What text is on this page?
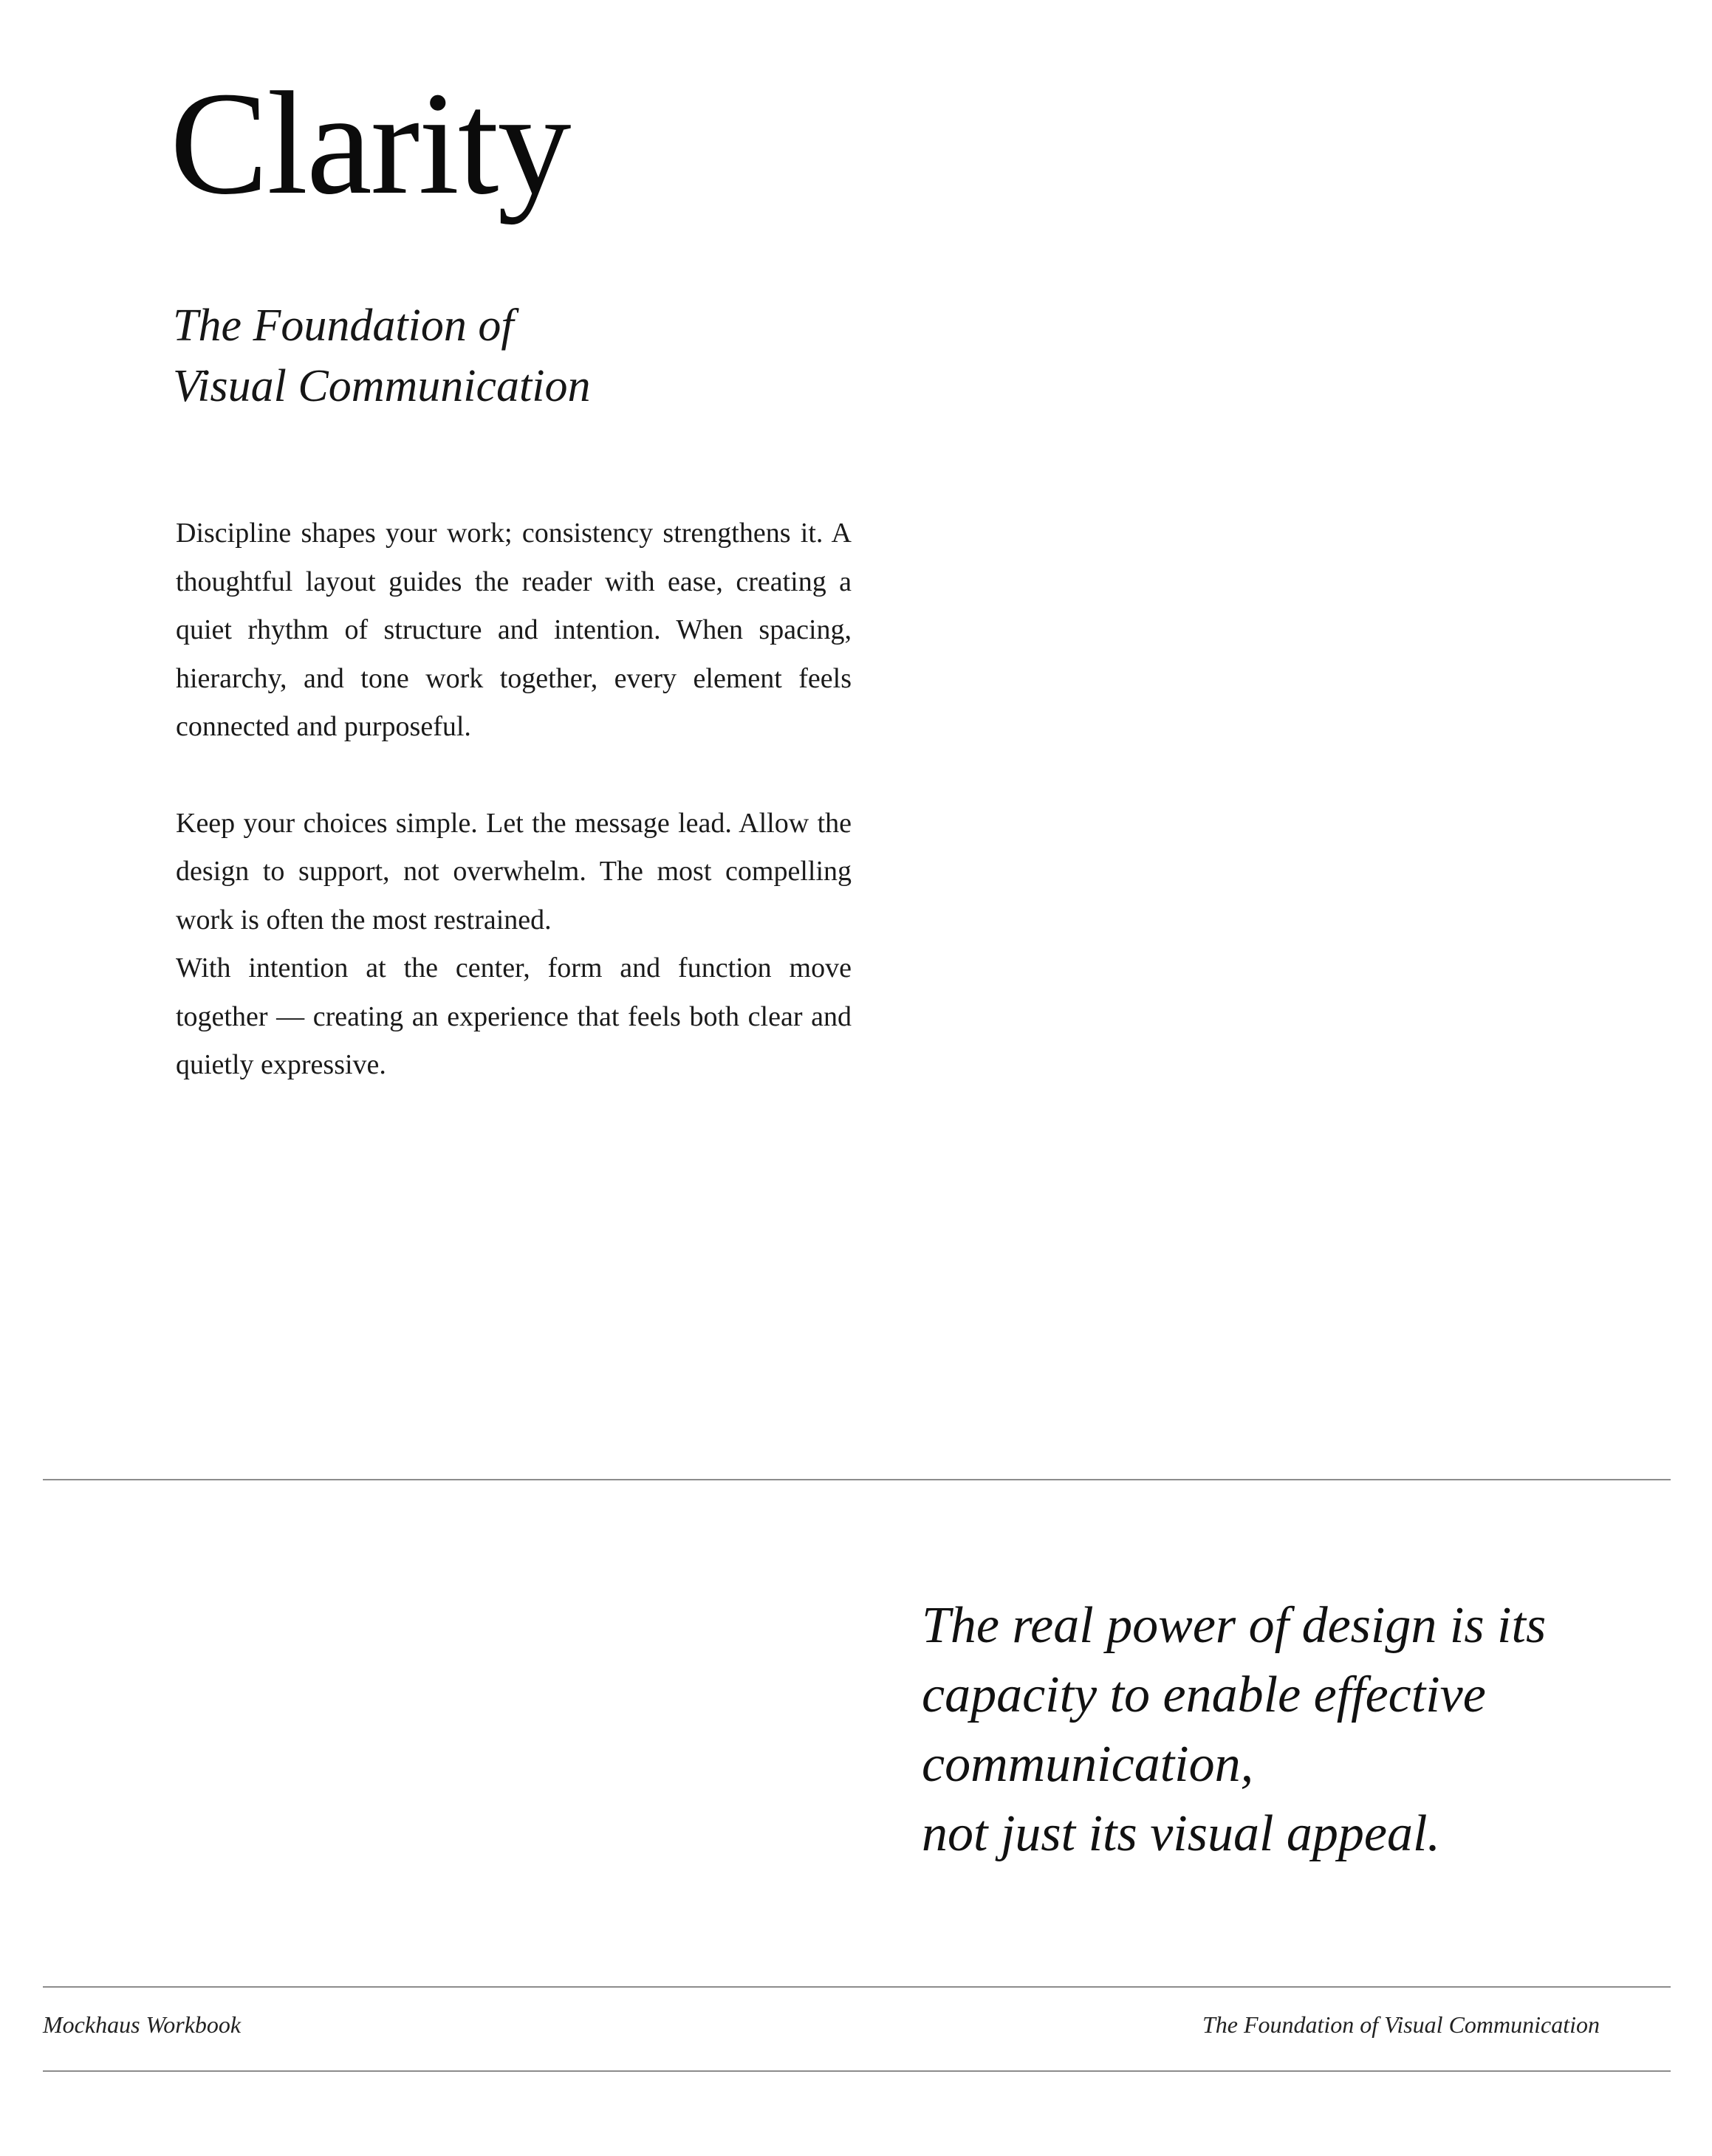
Clarity
The Foundation of
Visual Communication

Discipline shapes your work; consistency strengthens it. A thoughtful layout guides the reader with ease, creating a quiet rhythm of structure and intention. When spacing, hierarchy, and tone work together, every element feels connected and purposeful.

Keep your choices simple. Let the message lead. Allow the design to support, not overwhelm. The most compelling work is often the most restrained.

With intention at the center, form and function move together — creating an experience that feels both clear and quietly expressive.

The real power of design is its
capacity to enable effective
communication,
not just its visual appeal.
Mockhaus Workbook	The Foundation of Visual Communication
